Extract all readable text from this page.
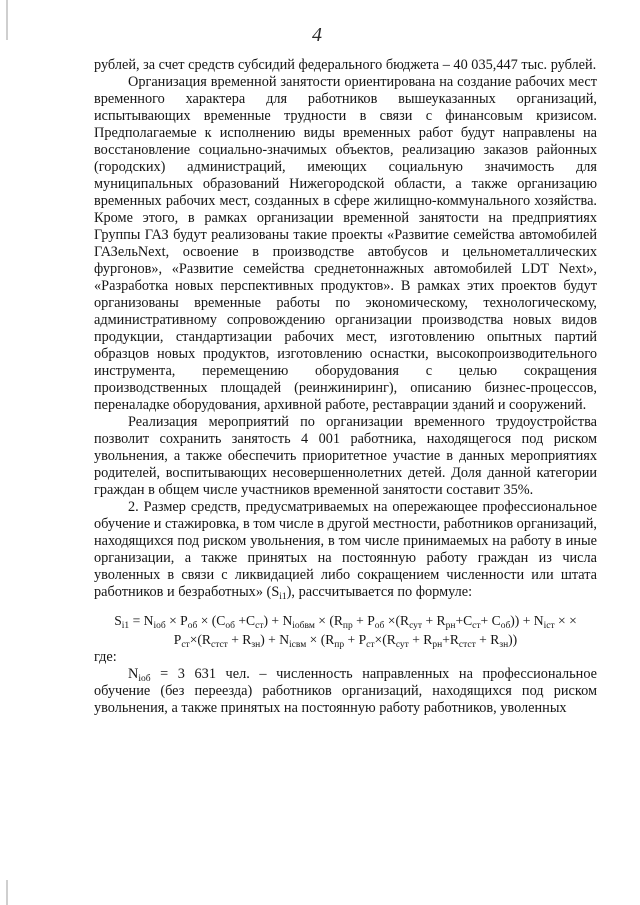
4

рублей, за счет средств субсидий федерального бюджета – 40 035,447 тыс. рублей.

Организация временной занятости ориентирована на создание рабочих мест временного характера для работников вышеуказанных организаций, испытывающих временные трудности в связи с финансовым кризисом. Предполагаемые к исполнению виды временных работ будут направлены на восстановление социально-значимых объектов, реализацию заказов районных (городских) администраций, имеющих социальную значимость для муниципальных образований Нижегородской области, а также организацию временных рабочих мест, созданных в сфере жилищно-коммунального хозяйства. Кроме этого, в рамках организации временной занятости на предприятиях Группы ГАЗ будут реализованы такие проекты «Развитие семейства автомобилей ГАЗельNext, освоение в производстве автобусов и цельнометаллических фургонов», «Развитие семейства среднетоннажных автомобилей LDT Next», «Разработка новых перспективных продуктов». В рамках этих проектов будут организованы временные работы по экономическому, технологическому, административному сопровождению организации производства новых видов продукции, стандартизации рабочих мест, изготовлению опытных партий образцов новых продуктов, изготовлению оснастки, высокопроизводительного инструмента, перемещению оборудования с целью сокращения производственных площадей (реинжиниринг), описанию бизнес-процессов, переналадке оборудования, архивной работе, реставрации зданий и сооружений.

Реализация мероприятий по организации временного трудоустройства позволит сохранить занятость 4 001 работника, находящегося под риском увольнения, а также обеспечить приоритетное участие в данных мероприятиях родителей, воспитывающих несовершеннолетних детей. Доля данной категории граждан в общем числе участников временной занятости составит 35%.

2. Размер средств, предусматриваемых на опережающее профессиональное обучение и стажировка, в том числе в другой местности, работников организаций, находящихся под риском увольнения, в том числе принимаемых на работу в иные организации, а также принятых на постоянную работу граждан из числа уволенных в связи с ликвидацией либо сокращением численности или штата работников и безработных» $(S_{i1})$, рассчитывается по формуле:

$S_{i1} = N_{iоб} \times P_{об} \times (C_{об} +C_{ст}) + N_{iобвм} \times (R_{пр} + P_{об} \times(R_{сут} + R_{рн}+C_{ст}+ C_{об})) + N_{iст}$ × ×
$P_{ст}\times(R_{стст} + R_{зн}) + N_{iсвм} \times (R_{пр} + P_{ст}\times(R_{сут} + R_{рн}+R_{стст} + R_{зн}))$

где:

$N_{iоб} = 3$ 631 чел. – численность направленных на профессиональное обучение (без переезда) работников организаций, находящихся под риском увольнения, а также принятых на постоянную работу работников, уволенных
